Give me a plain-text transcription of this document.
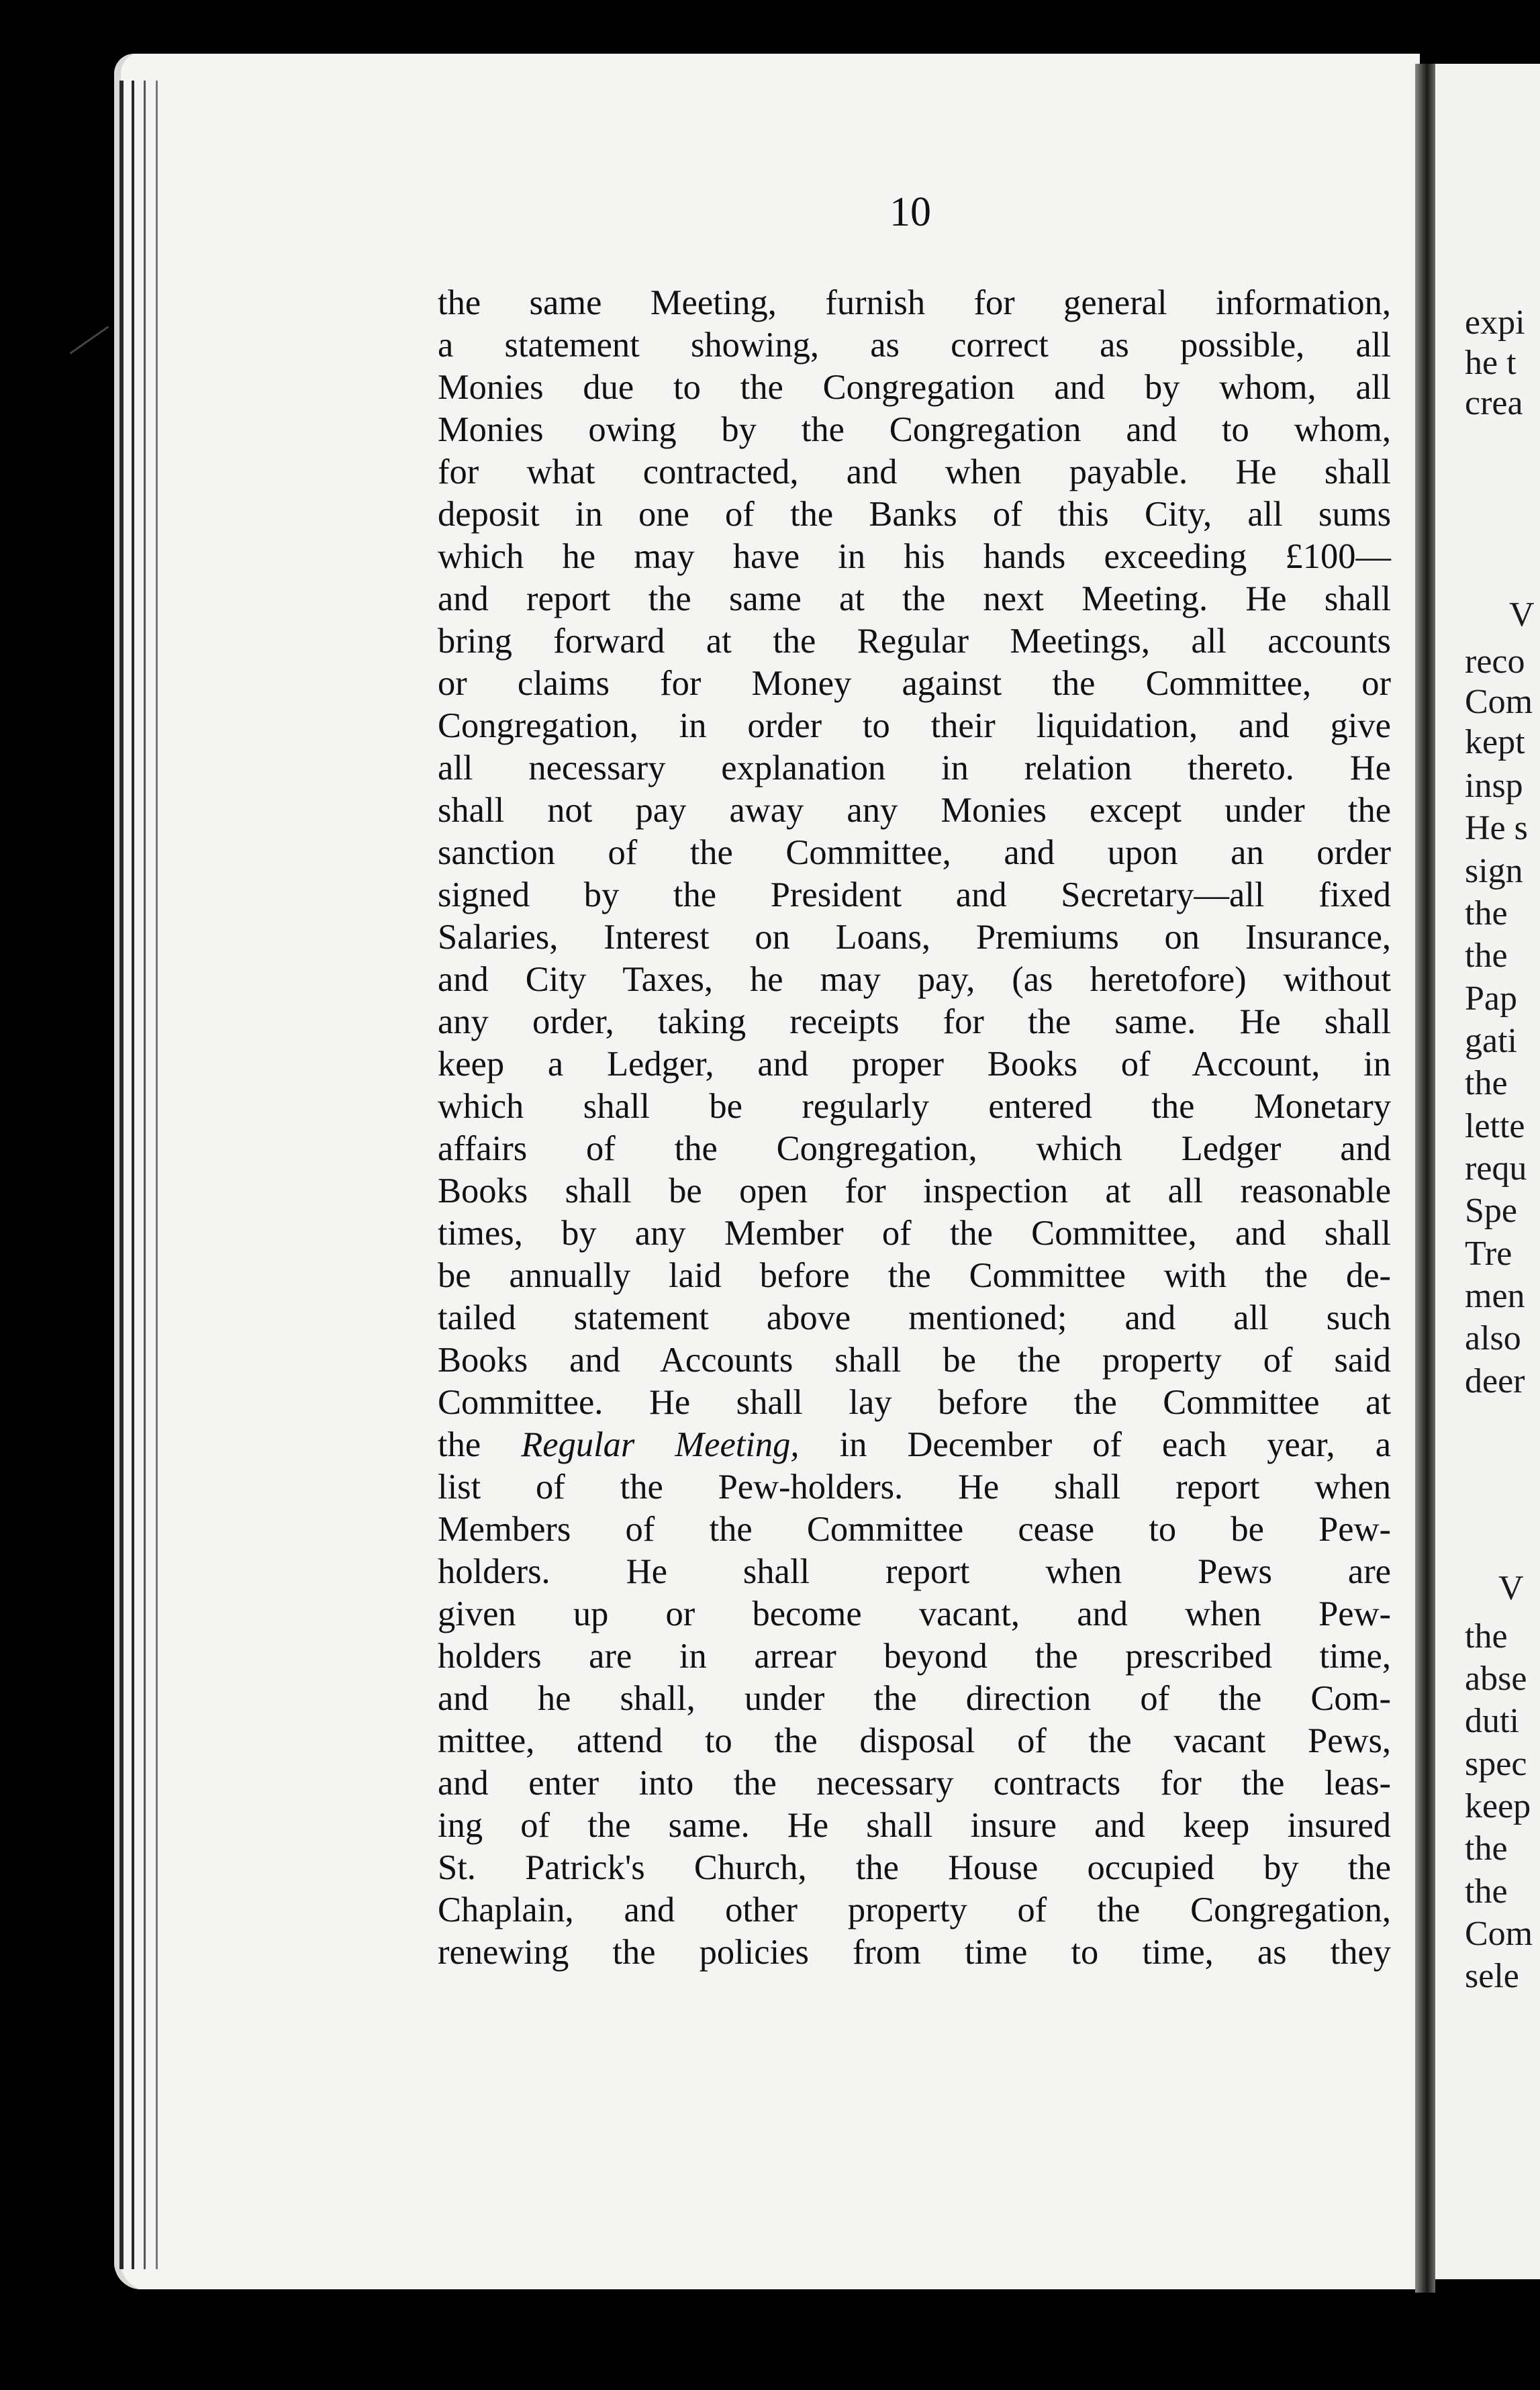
10
the same Meeting, furnish for general information,
a statement showing, as correct as possible, all
Monies due to the Congregation and by whom, all
Monies owing by the Congregation and to whom,
for what contracted, and when payable. He shall
deposit in one of the Banks of this City, all sums
which he may have in his hands exceeding £100—
and report the same at the next Meeting. He shall
bring forward at the Regular Meetings, all accounts
or claims for Money against the Committee, or
Congregation, in order to their liquidation, and give
all necessary explanation in relation thereto. He
shall not pay away any Monies except under the
sanction of the Committee, and upon an order
signed by the President and Secretary—all fixed
Salaries, Interest on Loans, Premiums on Insurance,
and City Taxes, he may pay, (as heretofore) without
any order, taking receipts for the same. He shall
keep a Ledger, and proper Books of Account, in
which shall be regularly entered the Monetary
affairs of the Congregation, which Ledger and
Books shall be open for inspection at all reasonable
times, by any Member of the Committee, and shall
be annually laid before the Committee with the de-
tailed statement above mentioned; and all such
Books and Accounts shall be the property of said
Committee. He shall lay before the Committee at
the Regular Meeting, in December of each year, a
list of the Pew-holders. He shall report when
Members of the Committee cease to be Pew-
holders. He shall report when Pews are
given up or become vacant, and when Pew-
holders are in arrear beyond the prescribed time,
and he shall, under the direction of the Com-
mittee, attend to the disposal of the vacant Pews,
and enter into the necessary contracts for the leas-
ing of the same. He shall insure and keep insured
St. Patrick's Church, the House occupied by the
Chaplain, and other property of the Congregation,
renewing the policies from time to time, as they
expi
he t
crea
V
reco
Com
kept
insp
He s
sign
the
the
Pap
gati
the
lette
requ
Spe
Tre
men
also
deer
V
the
abse
duti
spec
keep
the
the
Com
sele
